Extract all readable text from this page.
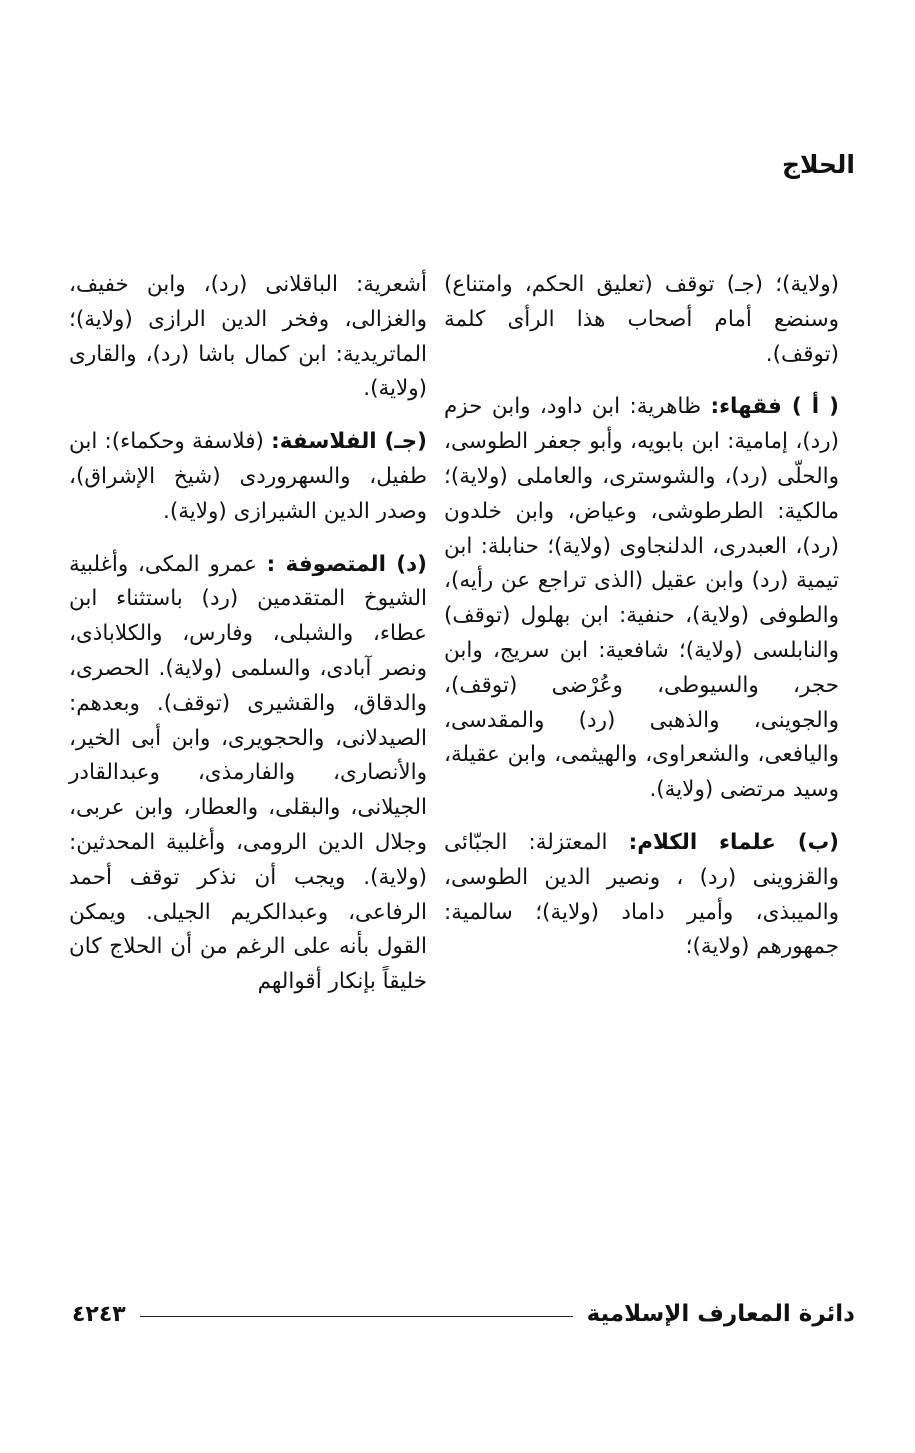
الحلاج

(ولاية)؛ (جـ) توقف (تعليق الحكم، وامتناع) وسنضع أمام أصحاب هذا الرأى كلمة (توقف).

( أ ) فقهاء: ظاهرية: ابن داود، وابن حزم (رد)، إمامية: ابن بابويه، وأبو جعفر الطوسى، والحلّى (رد)، والشوسترى، والعاملى (ولاية)؛ مالكية: الطرطوشى، وعياض، وابن خلدون (رد)، العبدرى، الدلنجاوى (ولاية)؛ حنابلة: ابن تيمية (رد) وابن عقيل (الذى تراجع عن رأيه)، والطوفى (ولاية)، حنفية: ابن بهلول (توقف) والنابلسى (ولاية)؛ شافعية: ابن سريج، وابن حجر، والسيوطى، وعُرْضى (توقف)، والجوينى، والذهبى (رد) والمقدسى، واليافعى، والشعراوى، والهيثمى، وابن عقيلة، وسيد مرتضى (ولاية).

(ب) علماء الكلام: المعتزلة: الجبّائى والقزوينى (رد) ، ونصير الدين الطوسى، والميبذى، وأمير داماد (ولاية)؛ سالمية: جمهورهم (ولاية)؛

أشعرية: الباقلانى (رد)، وابن خفيف، والغزالى، وفخر الدين الرازى (ولاية)؛ الماتريدية: ابن كمال باشا (رد)، والقارى (ولاية).

(جـ) الفلاسفة: (فلاسفة وحكماء): ابن طفيل، والسهروردى (شيخ الإشراق)، وصدر الدين الشيرازى (ولاية).

(د) المتصوفة : عمرو المكى، وأغلبية الشيوخ المتقدمين (رد) باستثناء ابن عطاء، والشبلى، وفارس، والكلاباذى، ونصر آبادى، والسلمى (ولاية). الحصرى، والدقاق، والقشيرى (توقف). وبعدهم: الصيدلانى، والحجويرى، وابن أبى الخير، والأنصارى، والفارمذى، وعبدالقادر الجيلانى، والبقلى، والعطار، وابن عربى، وجلال الدين الرومى، وأغلبية المحدثين: (ولاية). ويجب أن نذكر توقف أحمد الرفاعى، وعبدالكريم الجيلى. ويمكن القول بأنه على الرغم من أن الحلاج كان خليقاً بإنكار أقوالهم

دائرة المعارف الإسلامية
٤٢٤٣
